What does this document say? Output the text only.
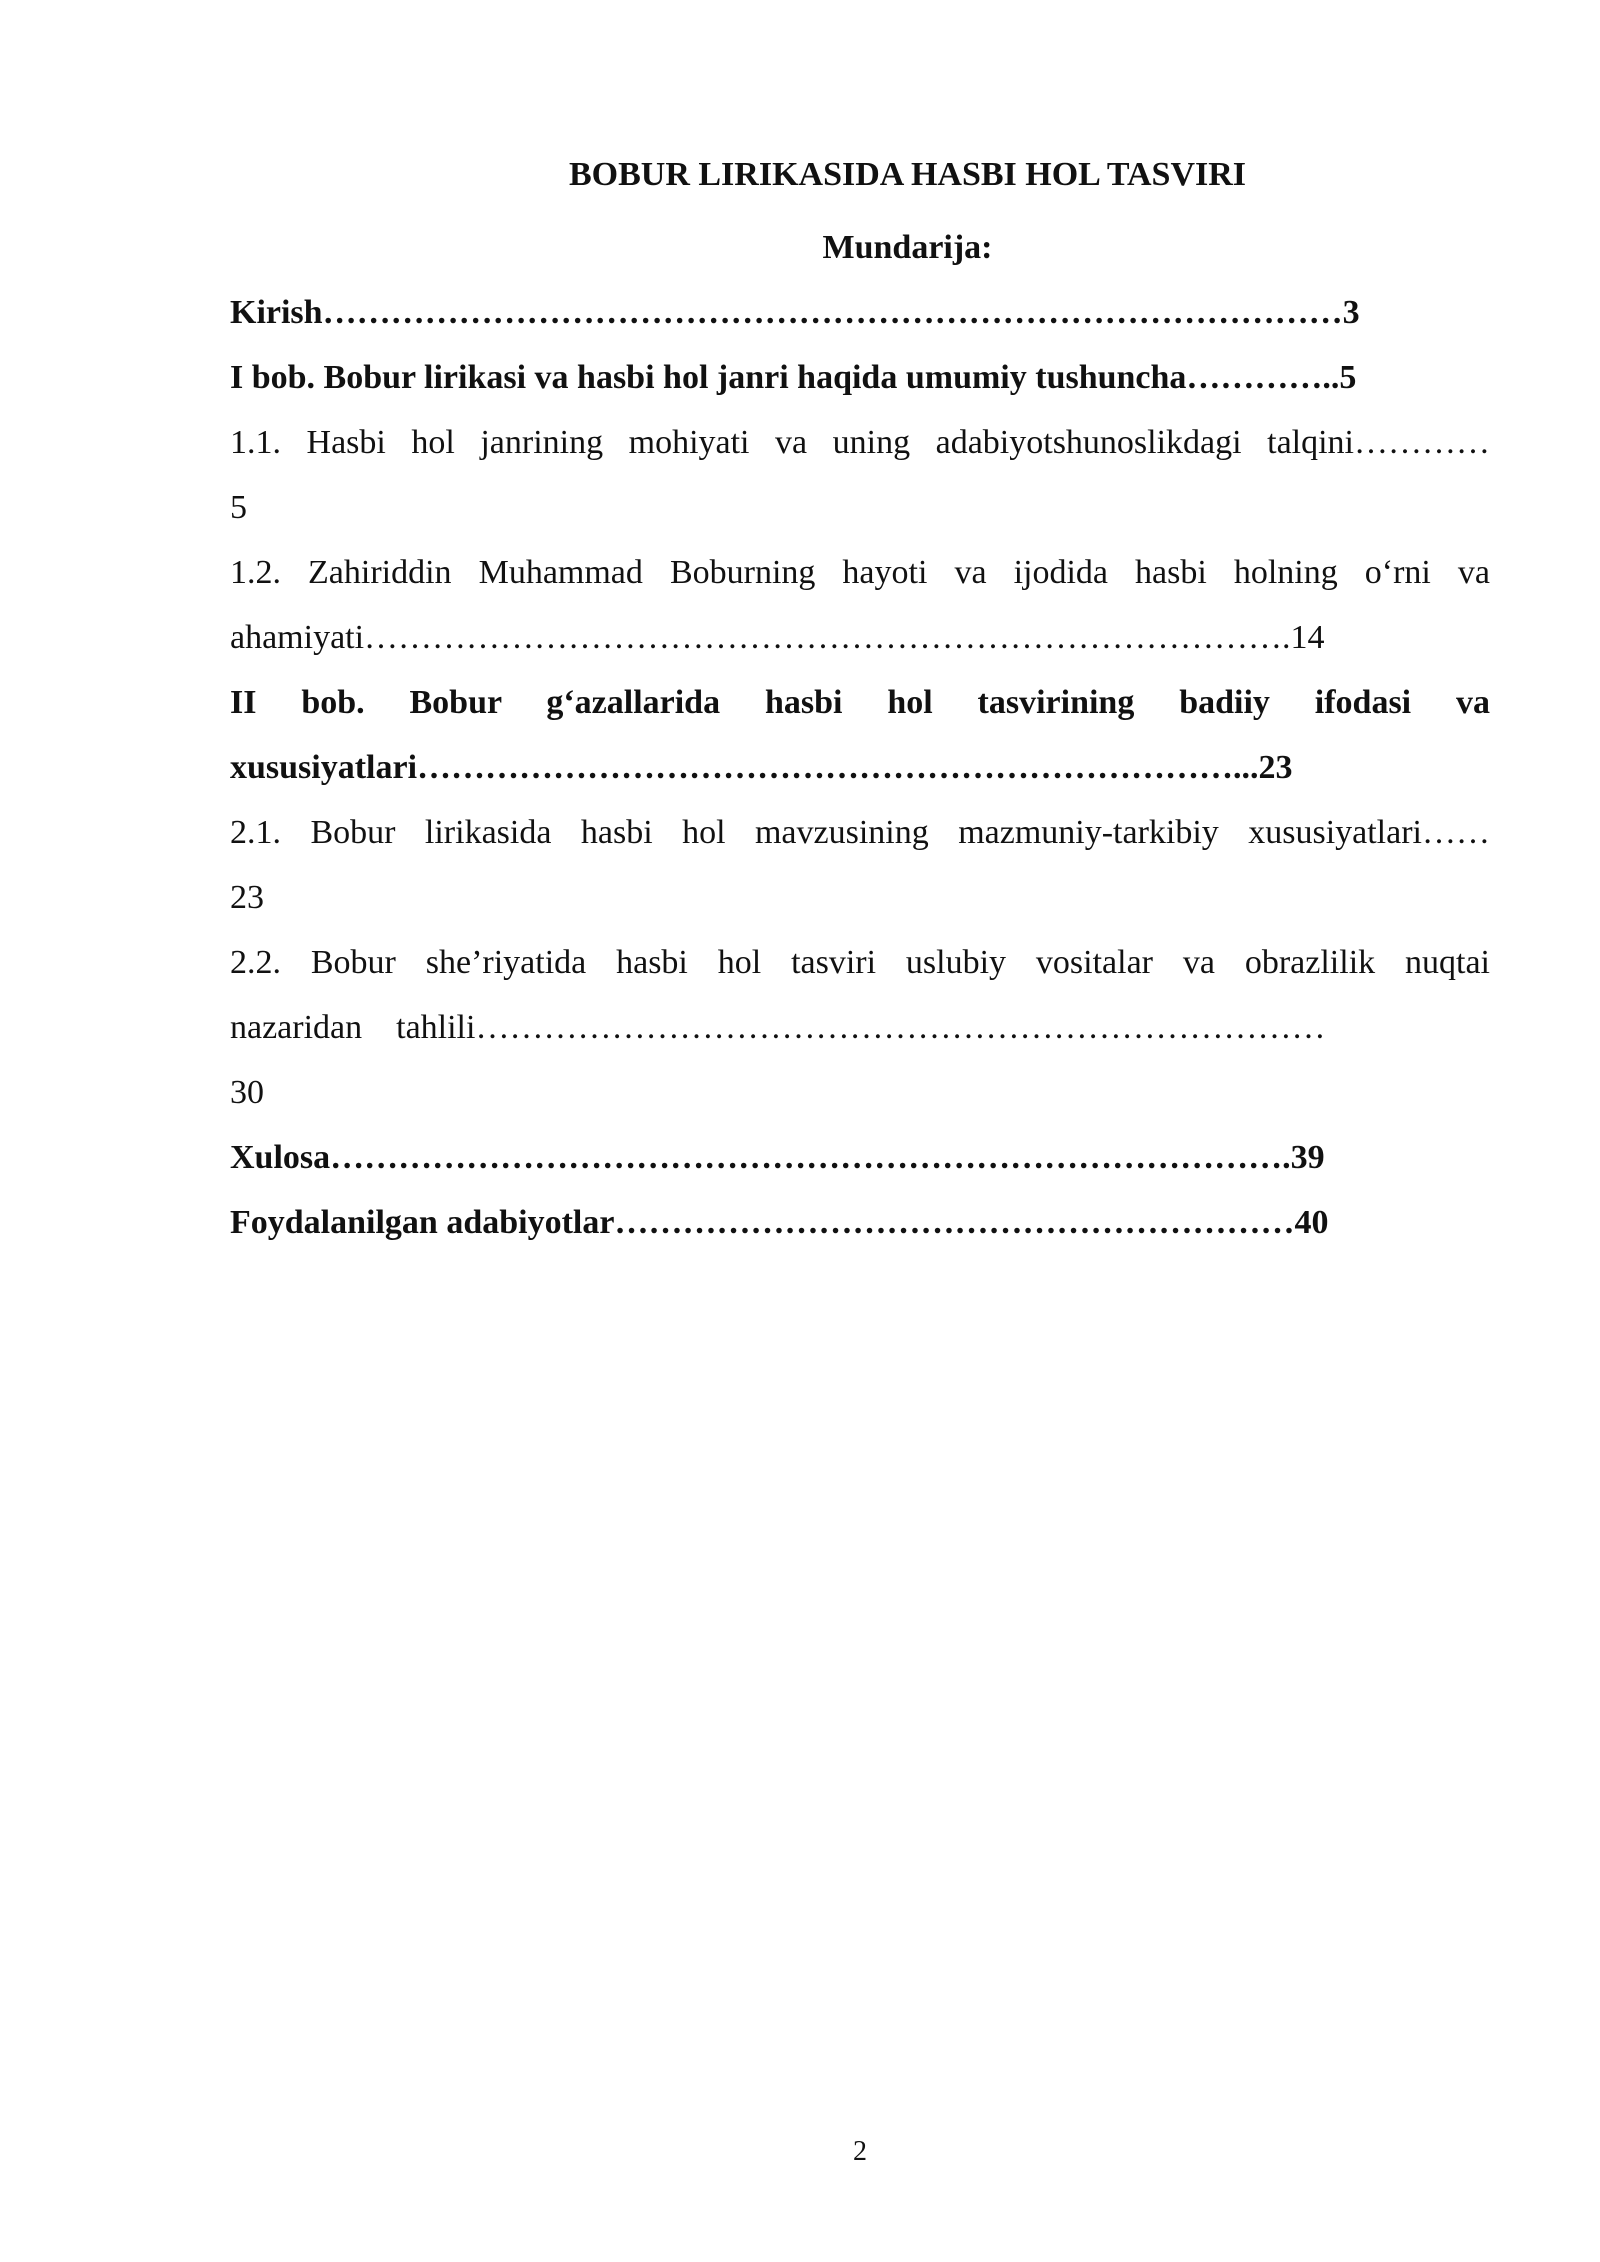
BOBUR LIRIKASIDA HASBI HOL TASVIRI
Mundarija:

Kirish………………………………………………………………………………3

I bob. Bobur lirikasi va hasbi hol janri haqida umumiy tushuncha…………..5

1.1. Hasbi hol janrining mohiyati va uning adabiyotshunoslikdagi talqini…………

5

1.2. Zahiriddin Muhammad Boburning hayoti va ijodida hasbi holning oʻrni va

ahamiyati……………………………………………………………………….14

II bob. Bobur gʻazallarida hasbi hol tasvirining badiiy ifodasi va

xususiyatlari………………………………………………………………...23

2.1. Bobur lirikasida hasbi hol mavzusining mazmuniy-tarkibiy xususiyatlari……

23

2.2. Bobur she’riyatida hasbi hol tasviri uslubiy vositalar va obrazlilik nuqtai

nazaridan    tahlili…………………………………………………………………

30

Xulosa………………………………………………………………………….39

Foydalanilgan adabiyotlar……………………………………………………40

2
